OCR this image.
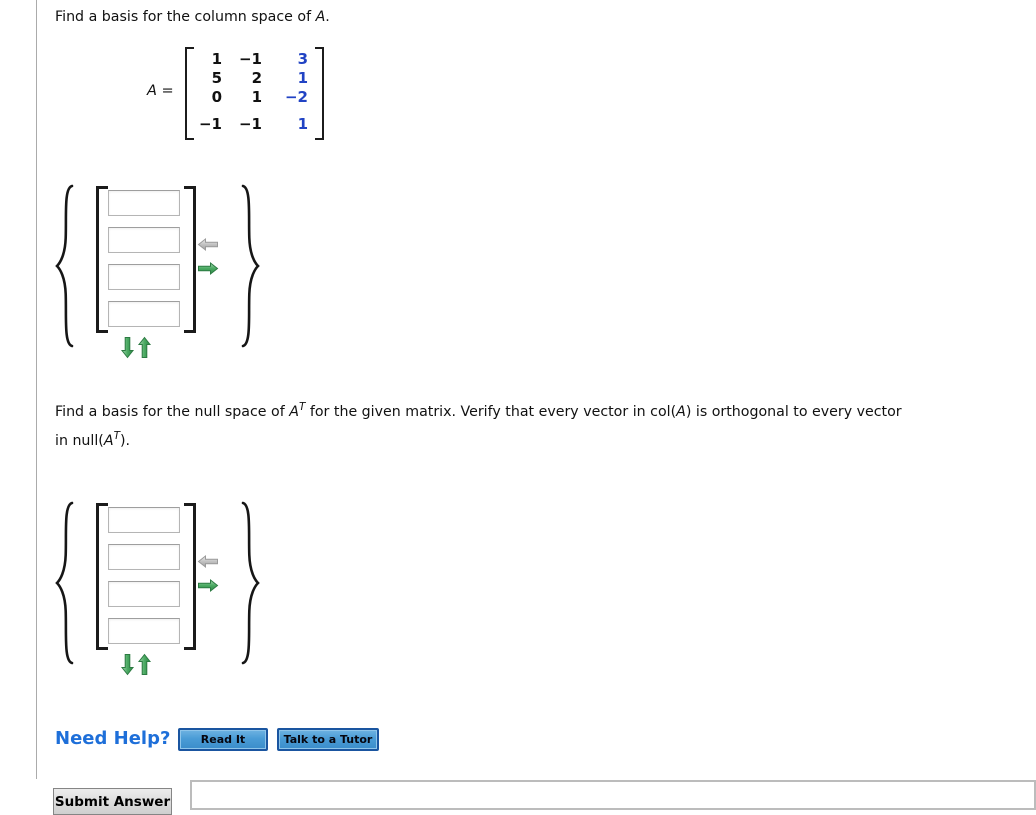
Find a basis for the column space of A.
A =
1 −1 3
5 2 1
0 1 −2
−1 −1 1
Find a basis for the null space of $A^T$ for the given matrix. Verify that every vector in col(A) is orthogonal to every vector
in $null(A^T)$.
Need Help?	Read It	Talk to a Tutor
Submit Answer
